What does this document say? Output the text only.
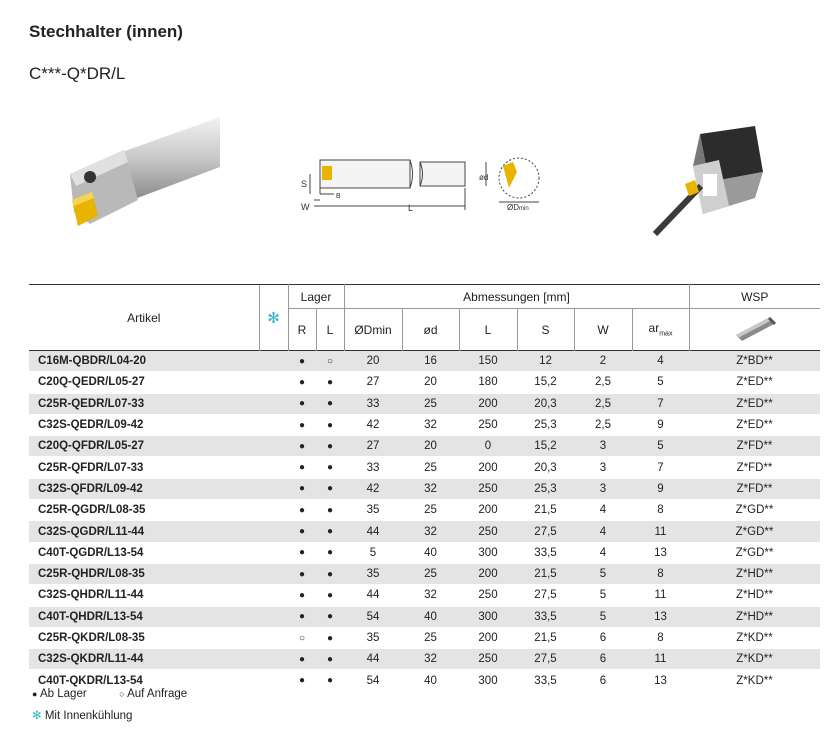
Stechhalter (innen)
C***-Q*DR/L
S
W	L
B
ød
ØDmin
Artikel	✻	Lager		Abmessungen [mm]						WSP
		R	L	ØDmin	ød	L	S	W	$ar_{max}$	
C16M-QBDR/L04-20		●	○	20	16	150	12	2	4	Z*BD**
C20Q-QEDR/L05-27		●	●	27	20	180	15,2	2,5	5	Z*ED**
C25R-QEDR/L07-33		●	●	33	25	200	20,3	2,5	7	Z*ED**
C32S-QEDR/L09-42		●	●	42	32	250	25,3	2,5	9	Z*ED**
C20Q-QFDR/L05-27		●	●	27	20	0	15,2	3	5	Z*FD**
C25R-QFDR/L07-33		●	●	33	25	200	20,3	3	7	Z*FD**
C32S-QFDR/L09-42		●	●	42	32	250	25,3	3	9	Z*FD**
C25R-QGDR/L08-35		●	●	35	25	200	21,5	4	8	Z*GD**
C32S-QGDR/L11-44		●	●	44	32	250	27,5	4	11	Z*GD**
C40T-QGDR/L13-54		●	●	5	40	300	33,5	4	13	Z*GD**
C25R-QHDR/L08-35		●	●	35	25	200	21,5	5	8	Z*HD**
C32S-QHDR/L11-44		●	●	44	32	250	27,5	5	11	Z*HD**
C40T-QHDR/L13-54		●	●	54	40	300	33,5	5	13	Z*HD**
C25R-QKDR/L08-35		○	●	35	25	200	21,5	6	8	Z*KD**
C32S-QKDR/L11-44		●	●	44	32	250	27,5	6	11	Z*KD**
C40T-QKDR/L13-54		●	●	54	40	300	33,5	6	13	Z*KD**
● Ab Lager	○ Auf Anfrage
✻ Mit Innenkühlung
